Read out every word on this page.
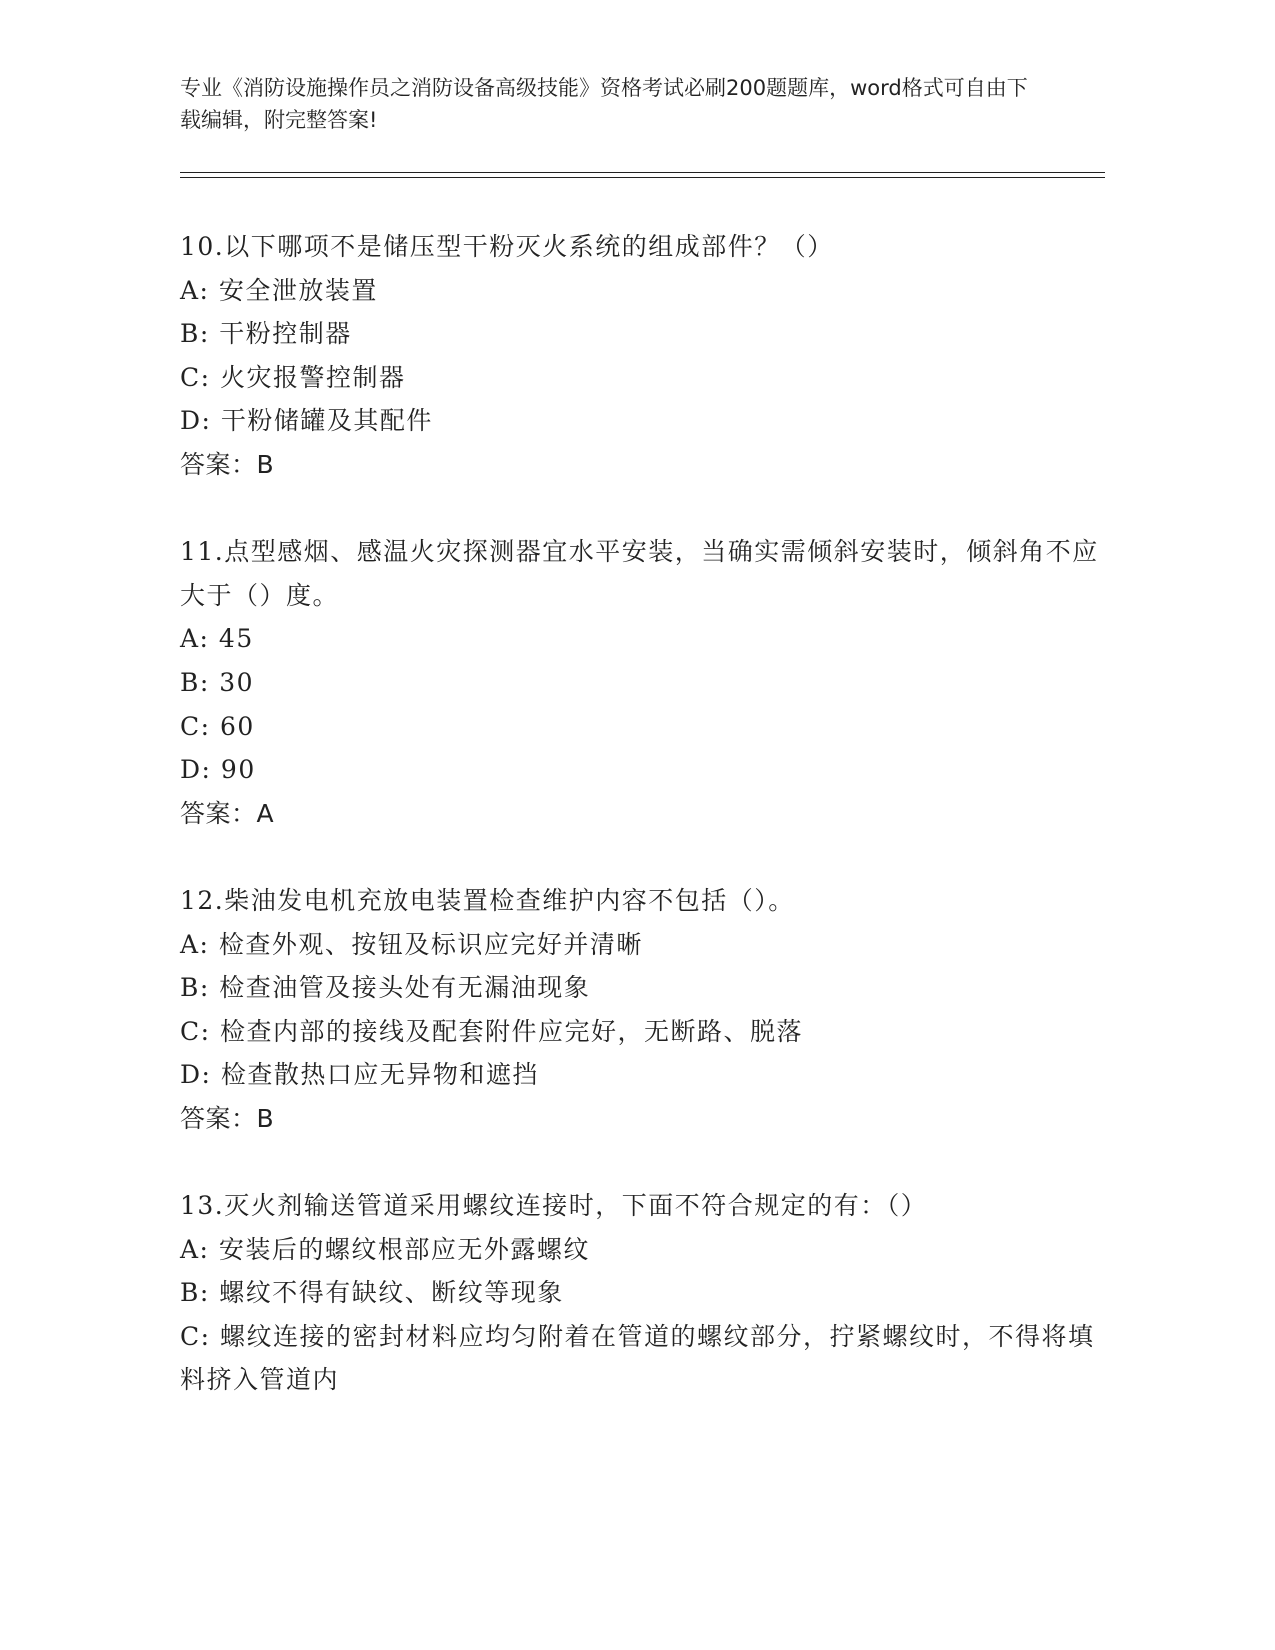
专业《消防设施操作员之消防设备高级技能》资格考试必刷200题题库，word格式可自由下载编辑，附完整答案!
10.以下哪项不是储压型干粉灭火系统的组成部件？（）
A: 安全泄放装置
B: 干粉控制器
C: 火灾报警控制器
D: 干粉储罐及其配件
答案：B
11.点型感烟、感温火灾探测器宜水平安装，当确实需倾斜安装时，倾斜角不应大于（）度。
A: 45
B: 30
C: 60
D: 90
答案：A
12.柴油发电机充放电装置检查维护内容不包括（）。
A: 检查外观、按钮及标识应完好并清晰
B: 检查油管及接头处有无漏油现象
C: 检查内部的接线及配套附件应完好，无断路、脱落
D: 检查散热口应无异物和遮挡
答案：B
13.灭火剂输送管道采用螺纹连接时，下面不符合规定的有：（）
A: 安装后的螺纹根部应无外露螺纹
B: 螺纹不得有缺纹、断纹等现象
C: 螺纹连接的密封材料应均匀附着在管道的螺纹部分，拧紧螺纹时，不得将填料挤入管道内
